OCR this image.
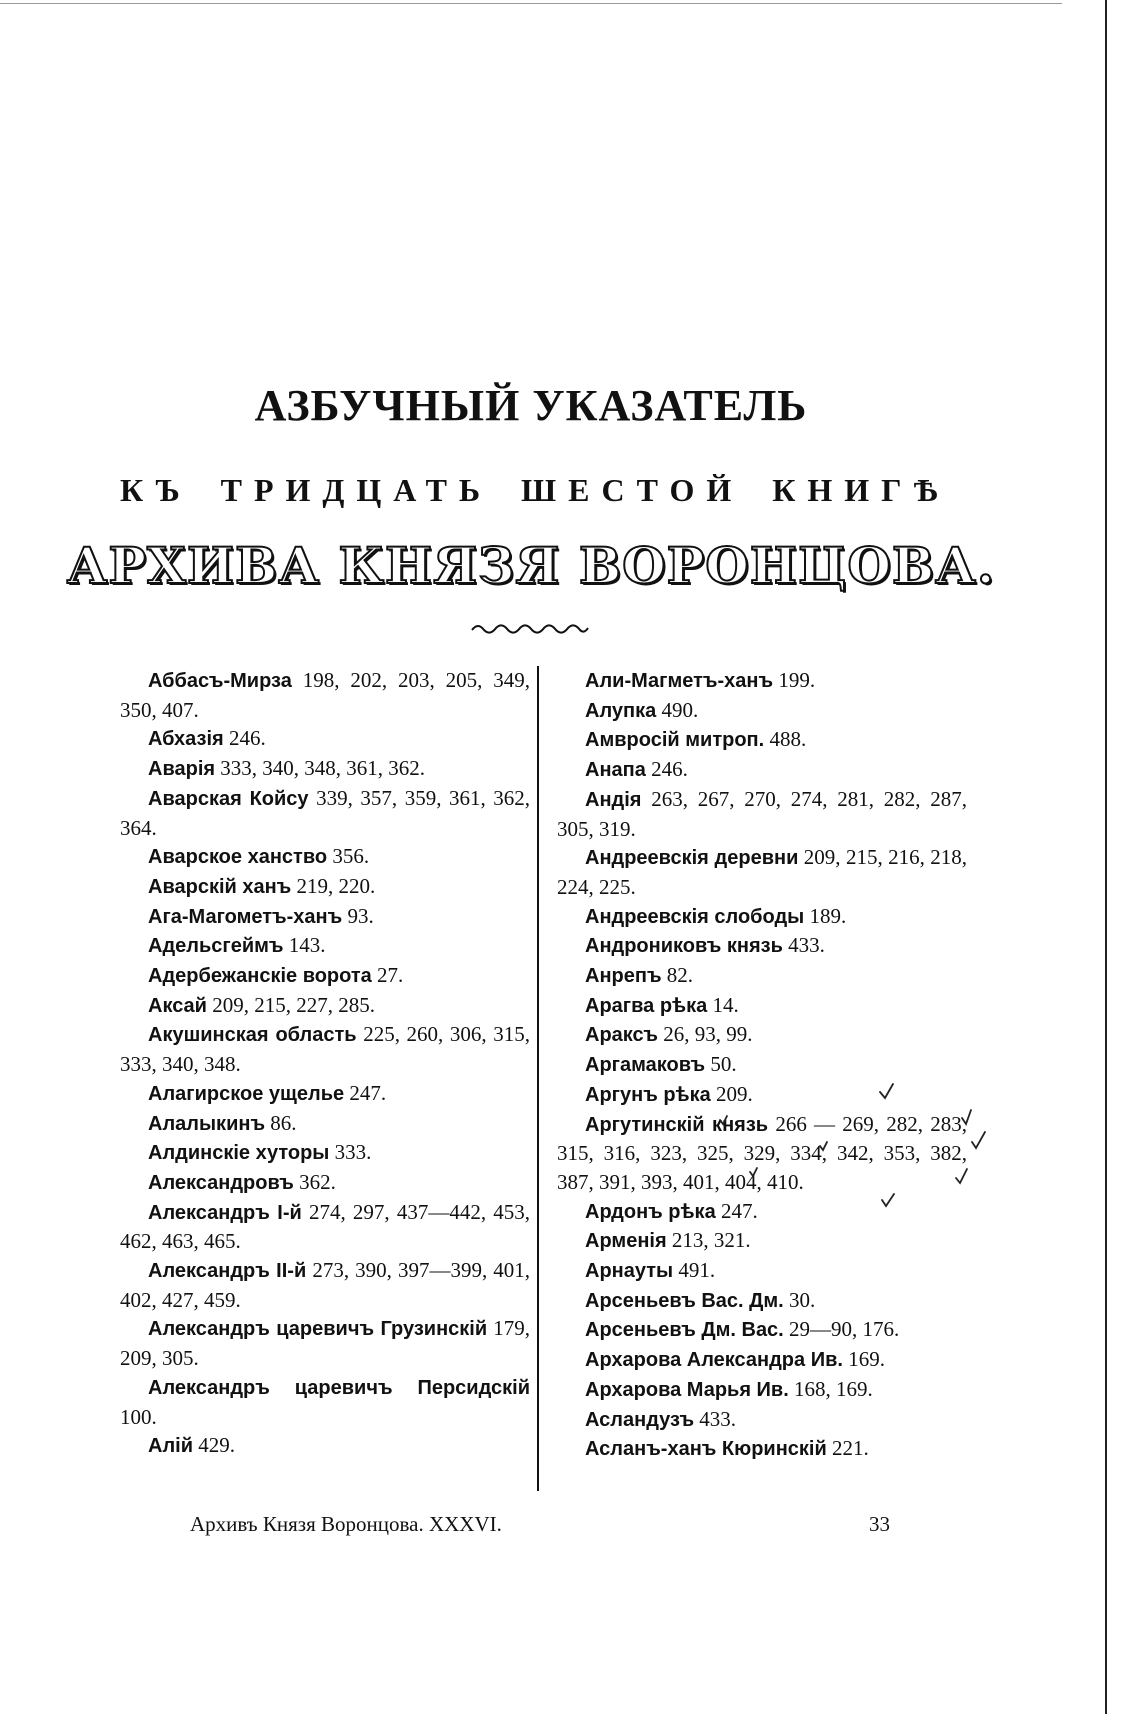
АЗБУЧНЫЙ УКАЗАТЕЛЬ
КЪ ТРИДЦАТЬ ШЕСТОЙ КНИГѢ
АРХИВА КНЯЗЯ ВОРОНЦОВА.
Аббасъ-Мирза 198, 202, 203, 205, 349, 350, 407.
Абхазія 246.
Аварія 333, 340, 348, 361, 362.
Аварская Койсу 339, 357, 359, 361, 362, 364.
Аварское ханство 356.
Аварскій ханъ 219, 220.
Ага-Магометъ-ханъ 93.
Адельсгеймъ 143.
Адербежанскіе ворота 27.
Аксай 209, 215, 227, 285.
Акушинская область 225, 260, 306, 315, 333, 340, 348.
Алагирское ущелье 247.
Алалыкинъ 86.
Алдинскіе хуторы 333.
Александровъ 362.
Александръ I-й 274, 297, 437—442, 453, 462, 463, 465.
Александръ II-й 273, 390, 397—399, 401, 402, 427, 459.
Александръ царевичъ Грузинскій 179, 209, 305.
Александръ царевичъ Персидскій 100.
Алій 429.
Али-Магметъ-ханъ 199.
Алупка 490.
Амвросій митроп. 488.
Анапа 246.
Андія 263, 267, 270, 274, 281, 282, 287, 305, 319.
Андреевскія деревни 209, 215, 216, 218, 224, 225.
Андреевскія слободы 189.
Андрониковъ князь 433.
Анрепъ 82.
Арагва рѣка 14.
Араксъ 26, 93, 99.
Аргамаковъ 50.
Аргунъ рѣка 209.
Аргутинскій князь 266 — 269, 282, 283, 315, 316, 323, 325, 329, 334, 342, 353, 382, 387, 391, 393, 401, 404, 410.
Ардонъ рѣка 247.
Арменія 213, 321.
Арнауты 491.
Арсеньевъ Вас. Дм. 30.
Арсеньевъ Дм. Вас. 29—90, 176.
Архарова Александра Ив. 169.
Архарова Марья Ив. 168, 169.
Асландузъ 433.
Асланъ-ханъ Кюринскій 221.
Архивъ Князя Воронцова. XXXVI.	33
